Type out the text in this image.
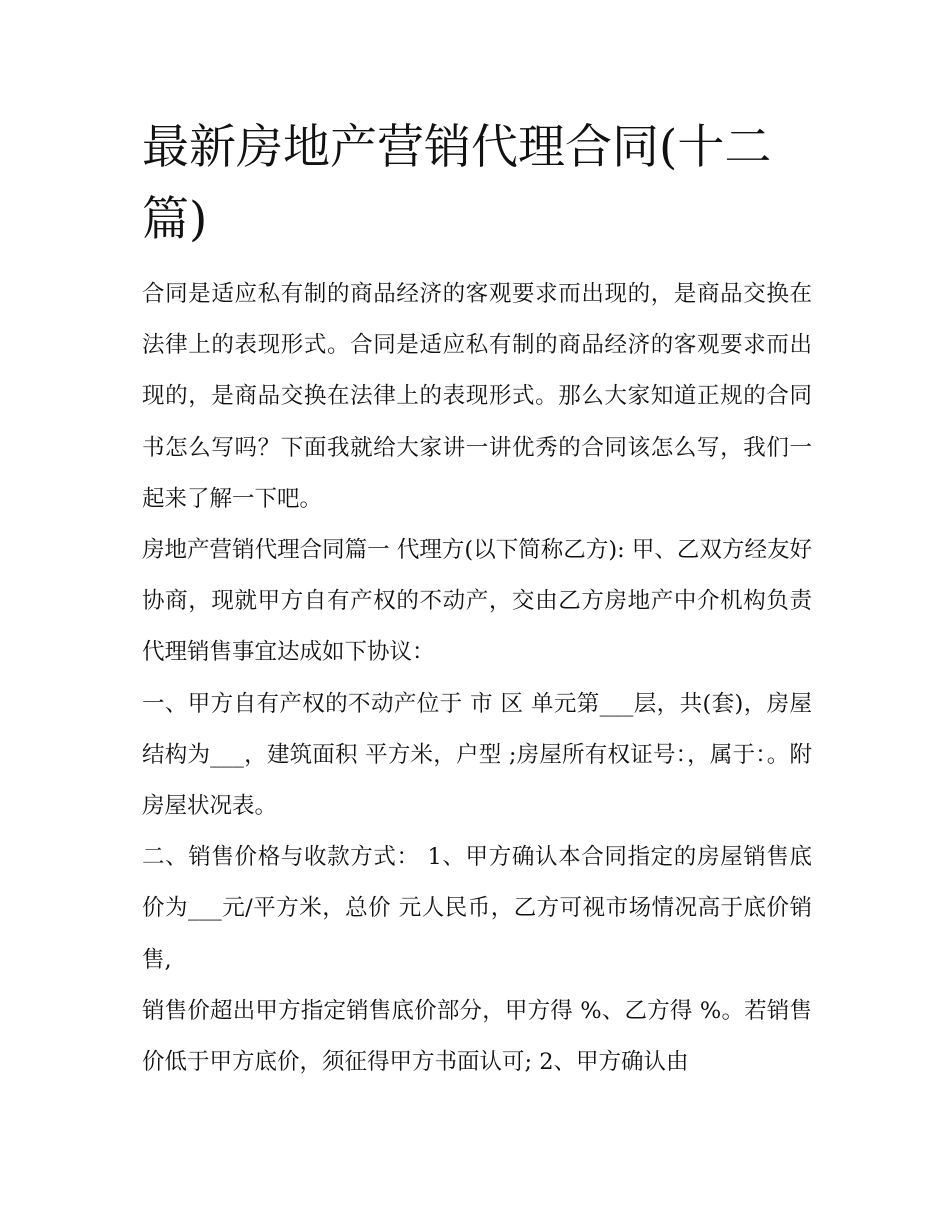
最新房地产营销代理合同(十二篇)

合同是适应私有制的商品经济的客观要求而出现的，是商品交换在法律上的表现形式。合同是适应私有制的商品经济的客观要求而出现的，是商品交换在法律上的表现形式。那么大家知道正规的合同书怎么写吗？下面我就给大家讲一讲优秀的合同该怎么写，我们一起来了解一下吧。

房地产营销代理合同篇一 代理方(以下简称乙方): 甲、乙双方经友好协商，现就甲方自有产权的不动产，交由乙方房地产中介机构负责代理销售事宜达成如下协议：

一、甲方自有产权的不动产位于 市 区 单元第___层，共(套)，房屋结构为___，建筑面积 平方米，户型 ;房屋所有权证号：，属于：。附房屋状况表。

二、销售价格与收款方式： 1、甲方确认本合同指定的房屋销售底价为___元/平方米，总价 元人民币，乙方可视市场情况高于底价销售,

销售价超出甲方指定销售底价部分，甲方得 %、乙方得 %。若销售价低于甲方底价，须征得甲方书面认可; 2、甲方确认由
